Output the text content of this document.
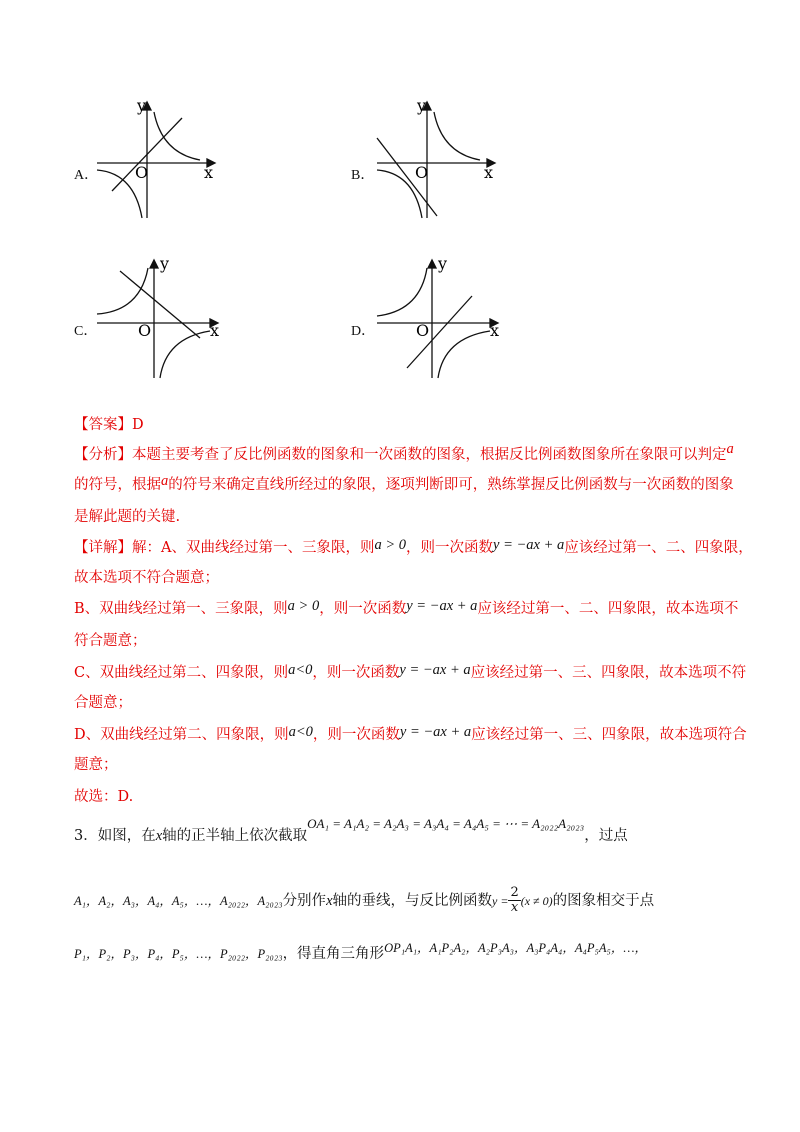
A．
y
x
O	B．
y
x
O
C．
y
x
O	D．
y
x
O
【答案】D
【分析】本题主要考查了反比例函数的图象和一次函数的图象，根据反比例函数图象所在象限可以判定a
的符号，根据a的符号来确定直线所经过的象限，逐项判断即可，熟练掌握反比例函数与一次函数的图象
是解此题的关键.
【详解】解：A、双曲线经过第一、三象限，则a > 0，则一次函数y = −ax + a应该经过第一、二、四象限，
故本选项不符合题意；
B、双曲线经过第一、三象限，则a > 0，则一次函数y = −ax + a应该经过第一、二、四象限，故本选项不
符合题意；
C、双曲线经过第二、四象限，则a<0，则一次函数y = −ax + a应该经过第一、三、四象限，故本选项不符
合题意；
D、双曲线经过第二、四象限，则a<0，则一次函数y = −ax + a应该经过第一、三、四象限，故本选项符合
题意；
故选：D.
3．如图，在x轴的正半轴上依次截取OA₁ = A₁A₂ = A₂A₃ = A₃A₄ = A₄A₅ = ⋯ = A₂₀₂₂A₂₀₂₃，过点
A₁，A₂，A₃，A₄，A₅，…，A₂₀₂₂，A₂₀₂₃分别作x轴的垂线，与反比例函数$y = \frac{2}{x} (x \ne 0)$的图象相交于点
P₁，P₂，P₃，P₄，P₅，…，P₂₀₂₂，P₂₀₂₃，得直角三角形OP₁A₁，A₁P₂A₂，A₂P₃A₃，A₃P₄A₄，A₄P₅A₅，…，
